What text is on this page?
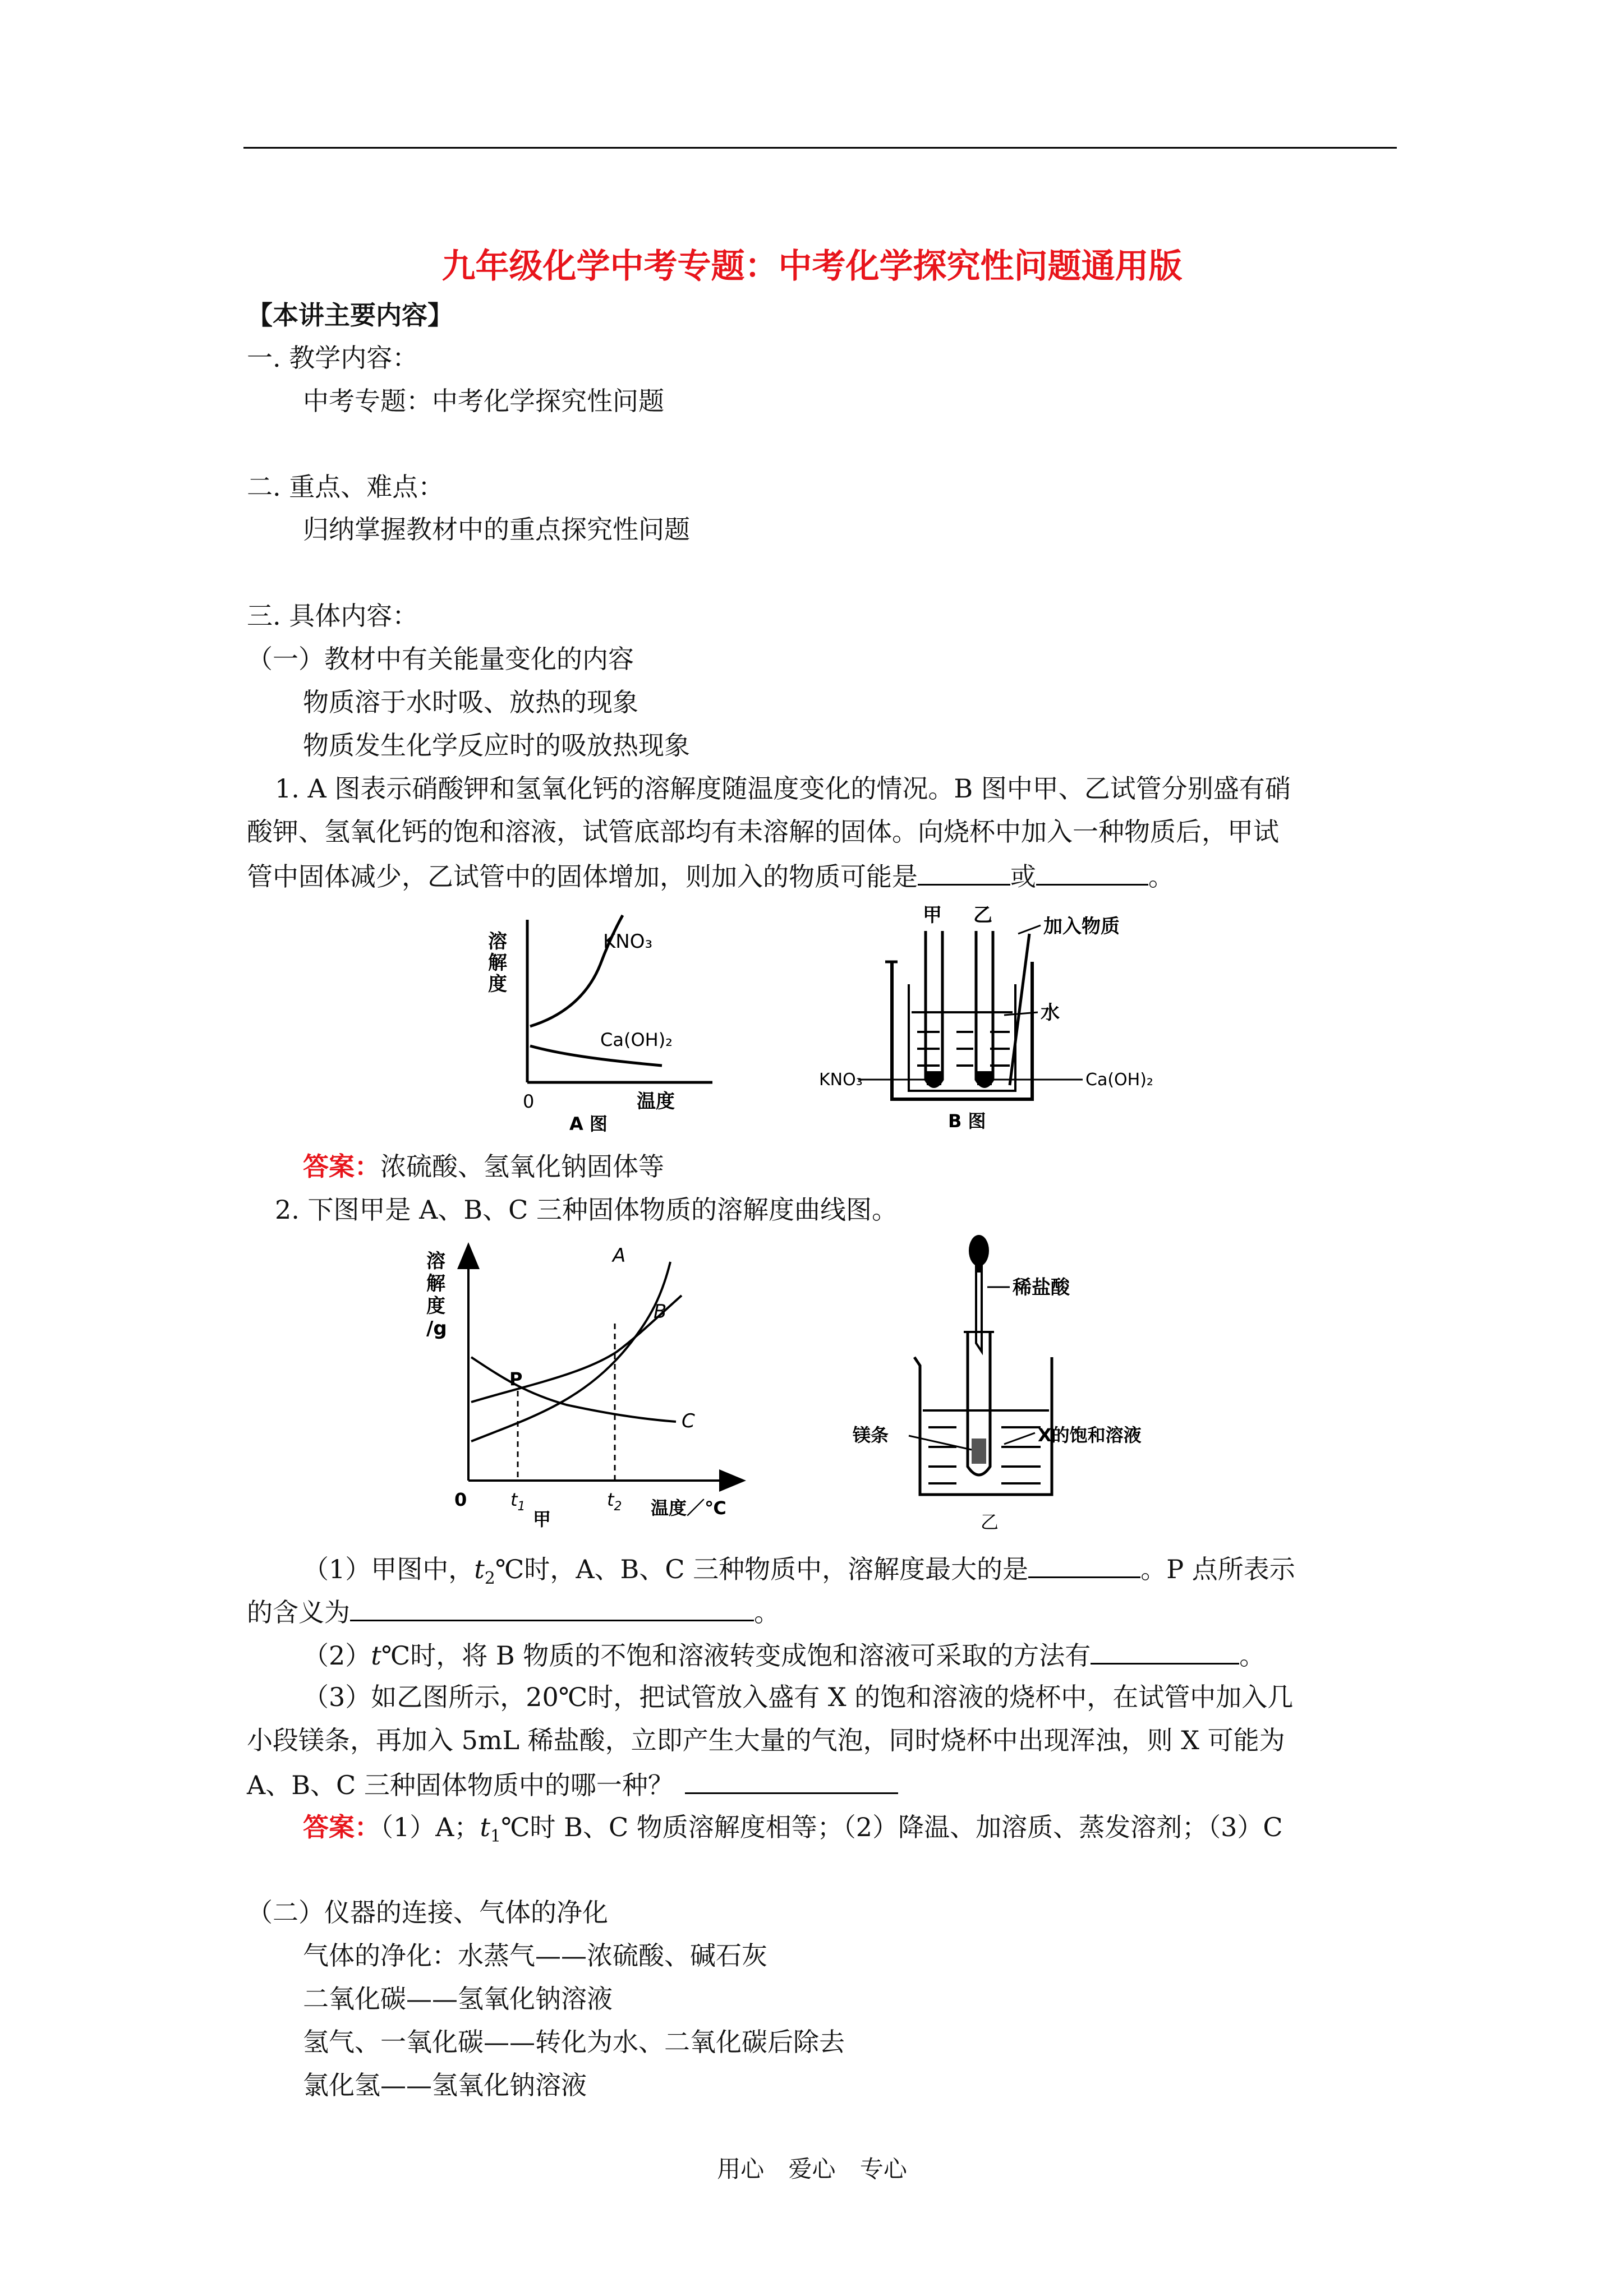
九年级化学中考专题：中考化学探究性问题通用版
【本讲主要内容】
一. 教学内容：
中考专题：中考化学探究性问题
二. 重点、难点：
归纳掌握教材中的重点探究性问题
三. 具体内容：
（一）教材中有关能量变化的内容
物质溶于水时吸、放热的现象
物质发生化学反应时的吸放热现象
1. A 图表示硝酸钾和氢氧化钙的溶解度随温度变化的情况。B 图中甲、乙试管分别盛有硝
酸钾、氢氧化钙的饱和溶液，试管底部均有未溶解的固体。向烧杯中加入一种物质后，甲试
管中固体减少，乙试管中的固体增加，则加入的物质可能是	或	。
溶
解
度
KNO₃
Ca(OH)₂
0	温度
A 图
甲 乙	加入物质
水
KNO₃	Ca(OH)₂
B 图
答案：浓硫酸、氢氧化钠固体等
2. 下图甲是 A、B、C 三种固体物质的溶解度曲线图。
溶
解
度
/g
A
B
C
P
0 $t_1$	$t_2$ 温度／℃
甲
稀盐酸
镁条	X的饱和溶液
乙
（1）甲图中，$t_2℃$时，A、B、C 三种物质中，溶解度最大的是	。P 点所表示
的含义为	。
（2）t℃时，将 B 物质的不饱和溶液转变成饱和溶液可采取的方法有	。
（3）如乙图所示，20℃时，把试管放入盛有 X 的饱和溶液的烧杯中，在试管中加入几
小段镁条，再加入 5mL 稀盐酸，立即产生大量的气泡，同时烧杯中出现浑浊，则 X 可能为
A、B、C 三种固体物质中的哪一种？
答案：（1）A；$t_1℃$时 B、C 物质溶解度相等；（2）降温、加溶质、蒸发溶剂；（3）C
（二）仪器的连接、气体的净化
气体的净化：水蒸气——浓硫酸、碱石灰
二氧化碳——氢氧化钠溶液
氢气、一氧化碳——转化为水、二氧化碳后除去
氯化氢——氢氧化钠溶液
用心 爱心 专心
